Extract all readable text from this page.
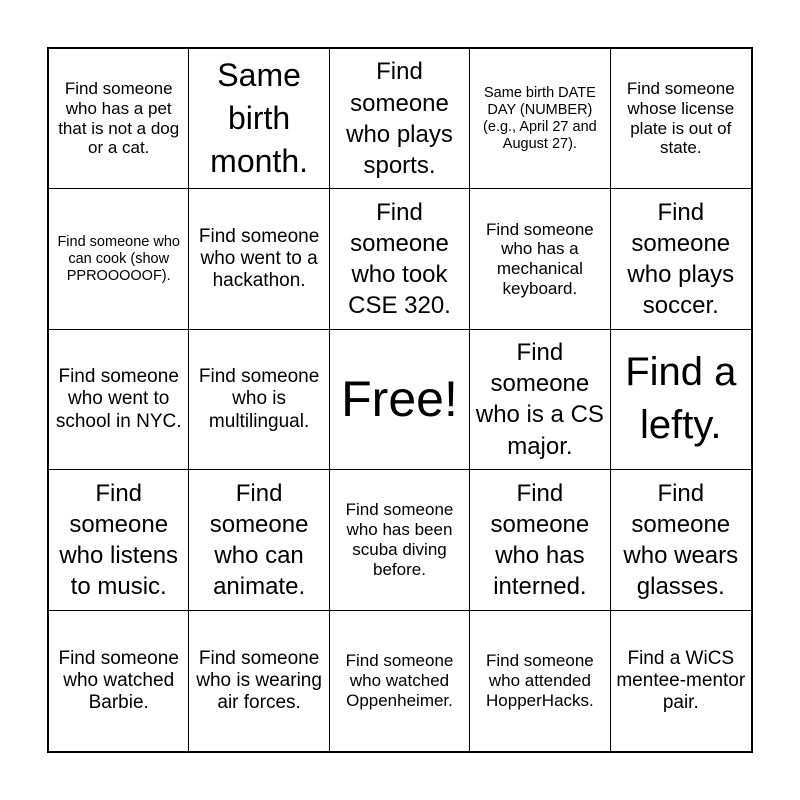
Find someone who has a pet that is not a dog or a cat.
Same birth month.
Find someone who plays sports.
Same birth DATE DAY (NUMBER) (e.g., April 27 and August 27).
Find someone whose license plate is out of state.
Find someone who can cook (show PPROOOOOF).
Find someone who went to a hackathon.
Find someone who took CSE 320.
Find someone who has a mechanical keyboard.
Find someone who plays soccer.
Find someone who went to school in NYC.
Find someone who is multilingual. Free!
Find someone who is a CS major.
Find a lefty.
Find someone who listens to music.
Find someone who can animate.
Find someone who has been scuba diving before.
Find someone who has interned.
Find someone who wears glasses.
Find someone who watched Barbie.
Find someone who is wearing air forces.
Find someone who watched Oppenheimer.
Find someone who attended HopperHacks.
Find a WiCS mentee-mentor pair.
